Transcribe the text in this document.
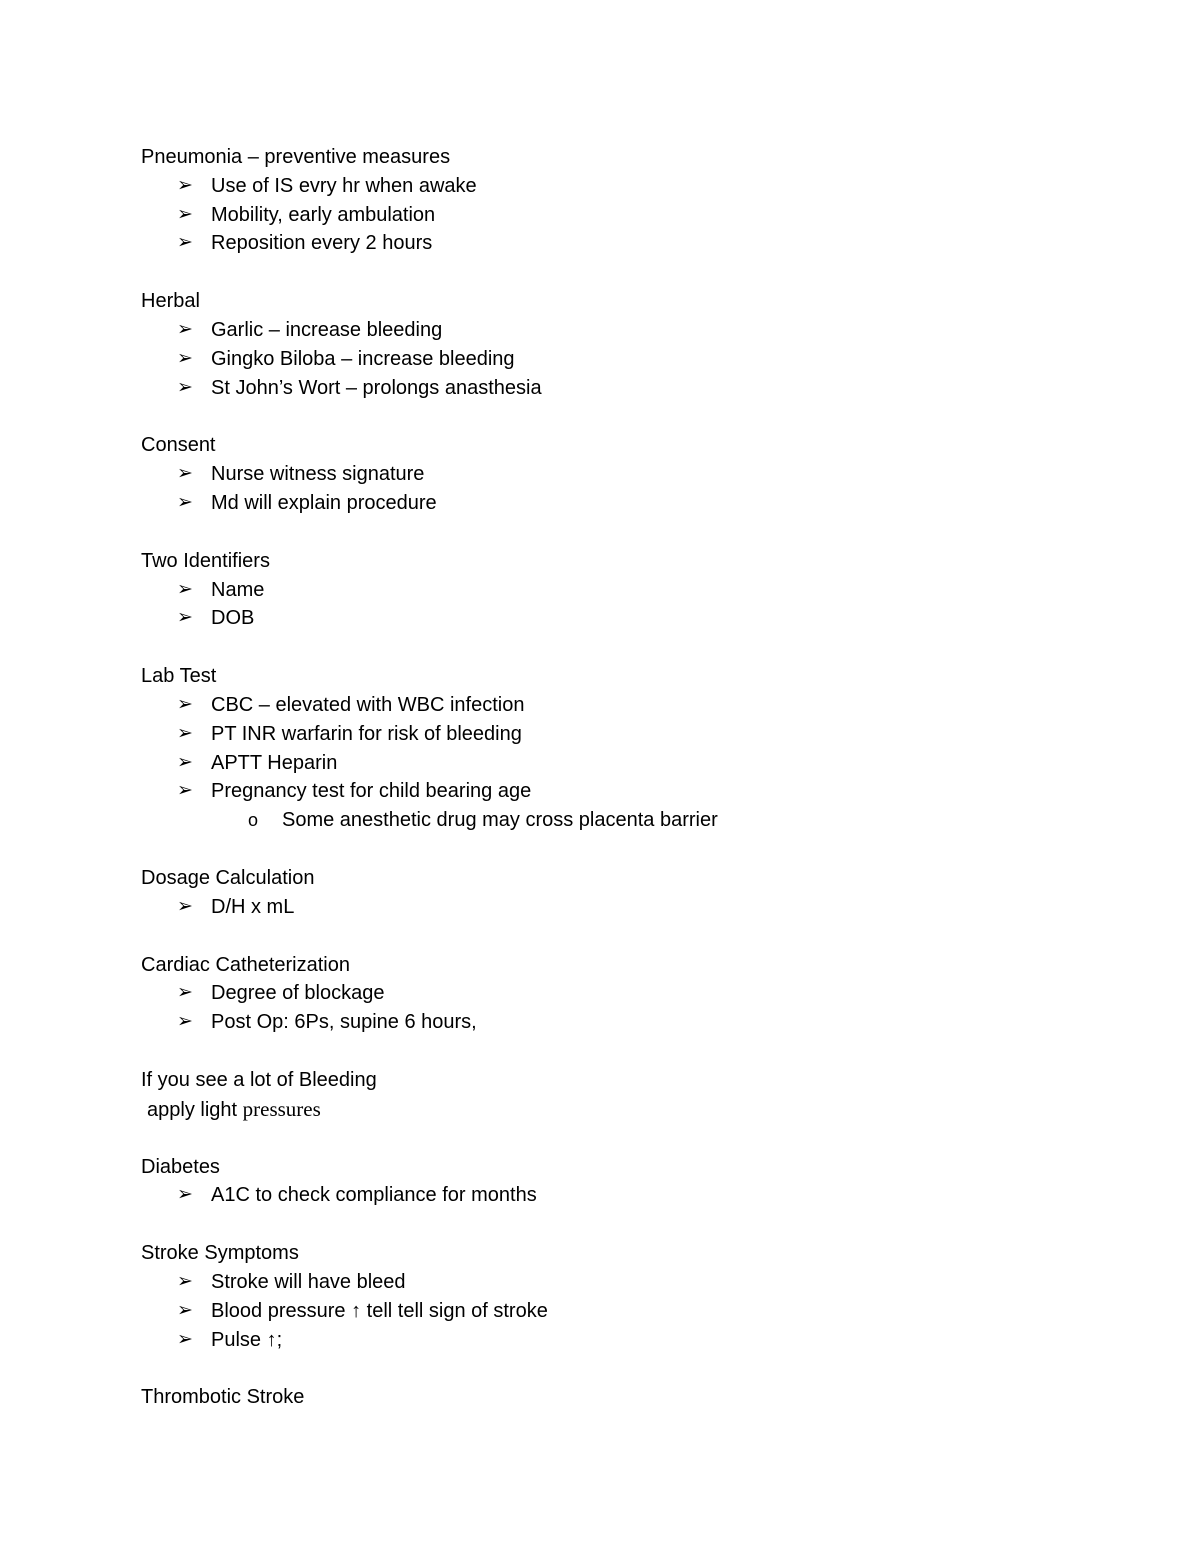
Pneumonia – preventive measures
➢ Use of IS evry hr when awake
➢ Mobility, early ambulation
➢ Reposition every 2 hours
Herbal
➢ Garlic – increase bleeding
➢ Gingko Biloba – increase bleeding
➢ St John’s Wort – prolongs anasthesia
Consent
➢ Nurse witness signature
➢ Md will explain procedure
Two Identifiers
➢ Name
➢ DOB
Lab Test
➢ CBC – elevated with WBC infection
➢ PT INR warfarin for risk of bleeding
➢ APTT Heparin
➢ Pregnancy test for child bearing age
o Some anesthetic drug may cross placenta barrier
Dosage Calculation
➢ D/H x mL
Cardiac Catheterization
➢ Degree of blockage
➢ Post Op: 6Ps, supine 6 hours,
If you see a lot of Bleeding
apply light pressures
Diabetes
➢ A1C to check compliance for months
Stroke Symptoms
➢ Stroke will have bleed
➢ Blood pressure ↑ tell tell sign of stroke
➢ Pulse ↑;
Thrombotic Stroke
